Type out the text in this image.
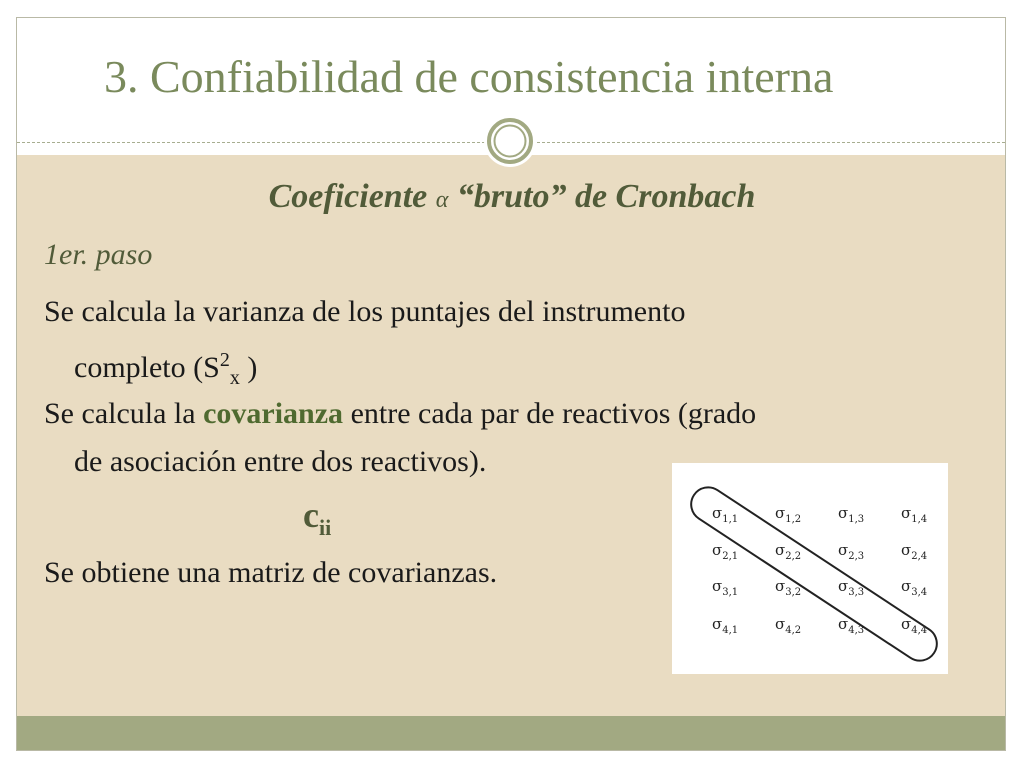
3. Confiabilidad de consistencia interna
Coeficiente α “bruto” de Cronbach
1er. paso
Se calcula la varianza de los puntajes del instrumento
completo ($S^2_x$ )
Se calcula la covarianza entre cada par de reactivos (grado
de asociación entre dos reactivos).
$c_{ii}$
Se obtiene una matriz de covarianzas.
$\sigma_{1,1}$ $\sigma_{1,2}$ $\sigma_{1,3}$ $\sigma_{1,4}$
$\sigma_{2,1}$ $\sigma_{2,2}$ $\sigma_{2,3}$ $\sigma_{2,4}$
$\sigma_{3,1}$ $\sigma_{3,2}$ $\sigma_{3,3}$ $\sigma_{3,4}$
$\sigma_{4,1}$ $\sigma_{4,2}$ $\sigma_{4,3}$ $\sigma_{4,4}$
